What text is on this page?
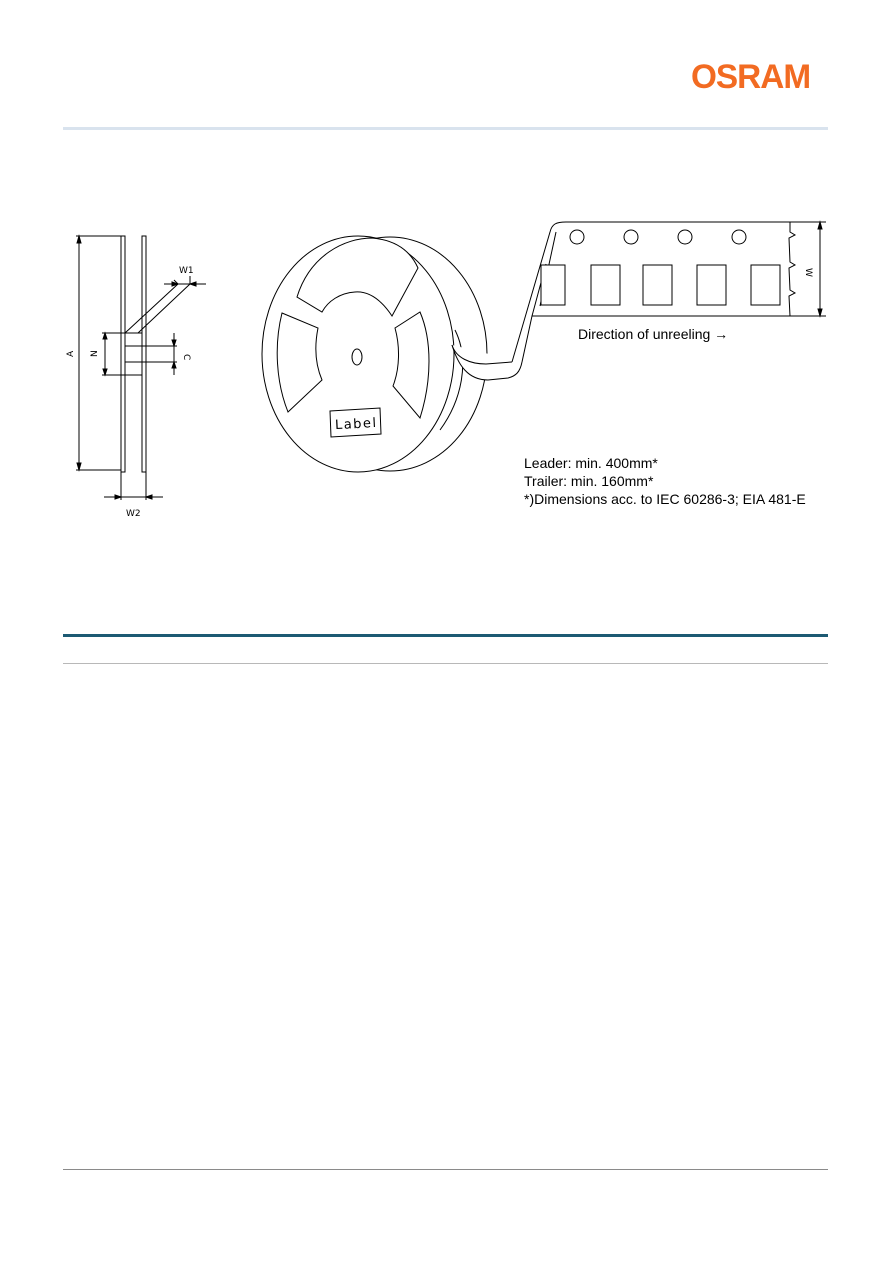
OSRAM
W1
W2
A N
C
W
Label
Direction of unreeling →
Leader: min. 400mm*
Trailer: min. 160mm*
*)Dimensions acc. to IEC 60286-3; EIA 481-E
